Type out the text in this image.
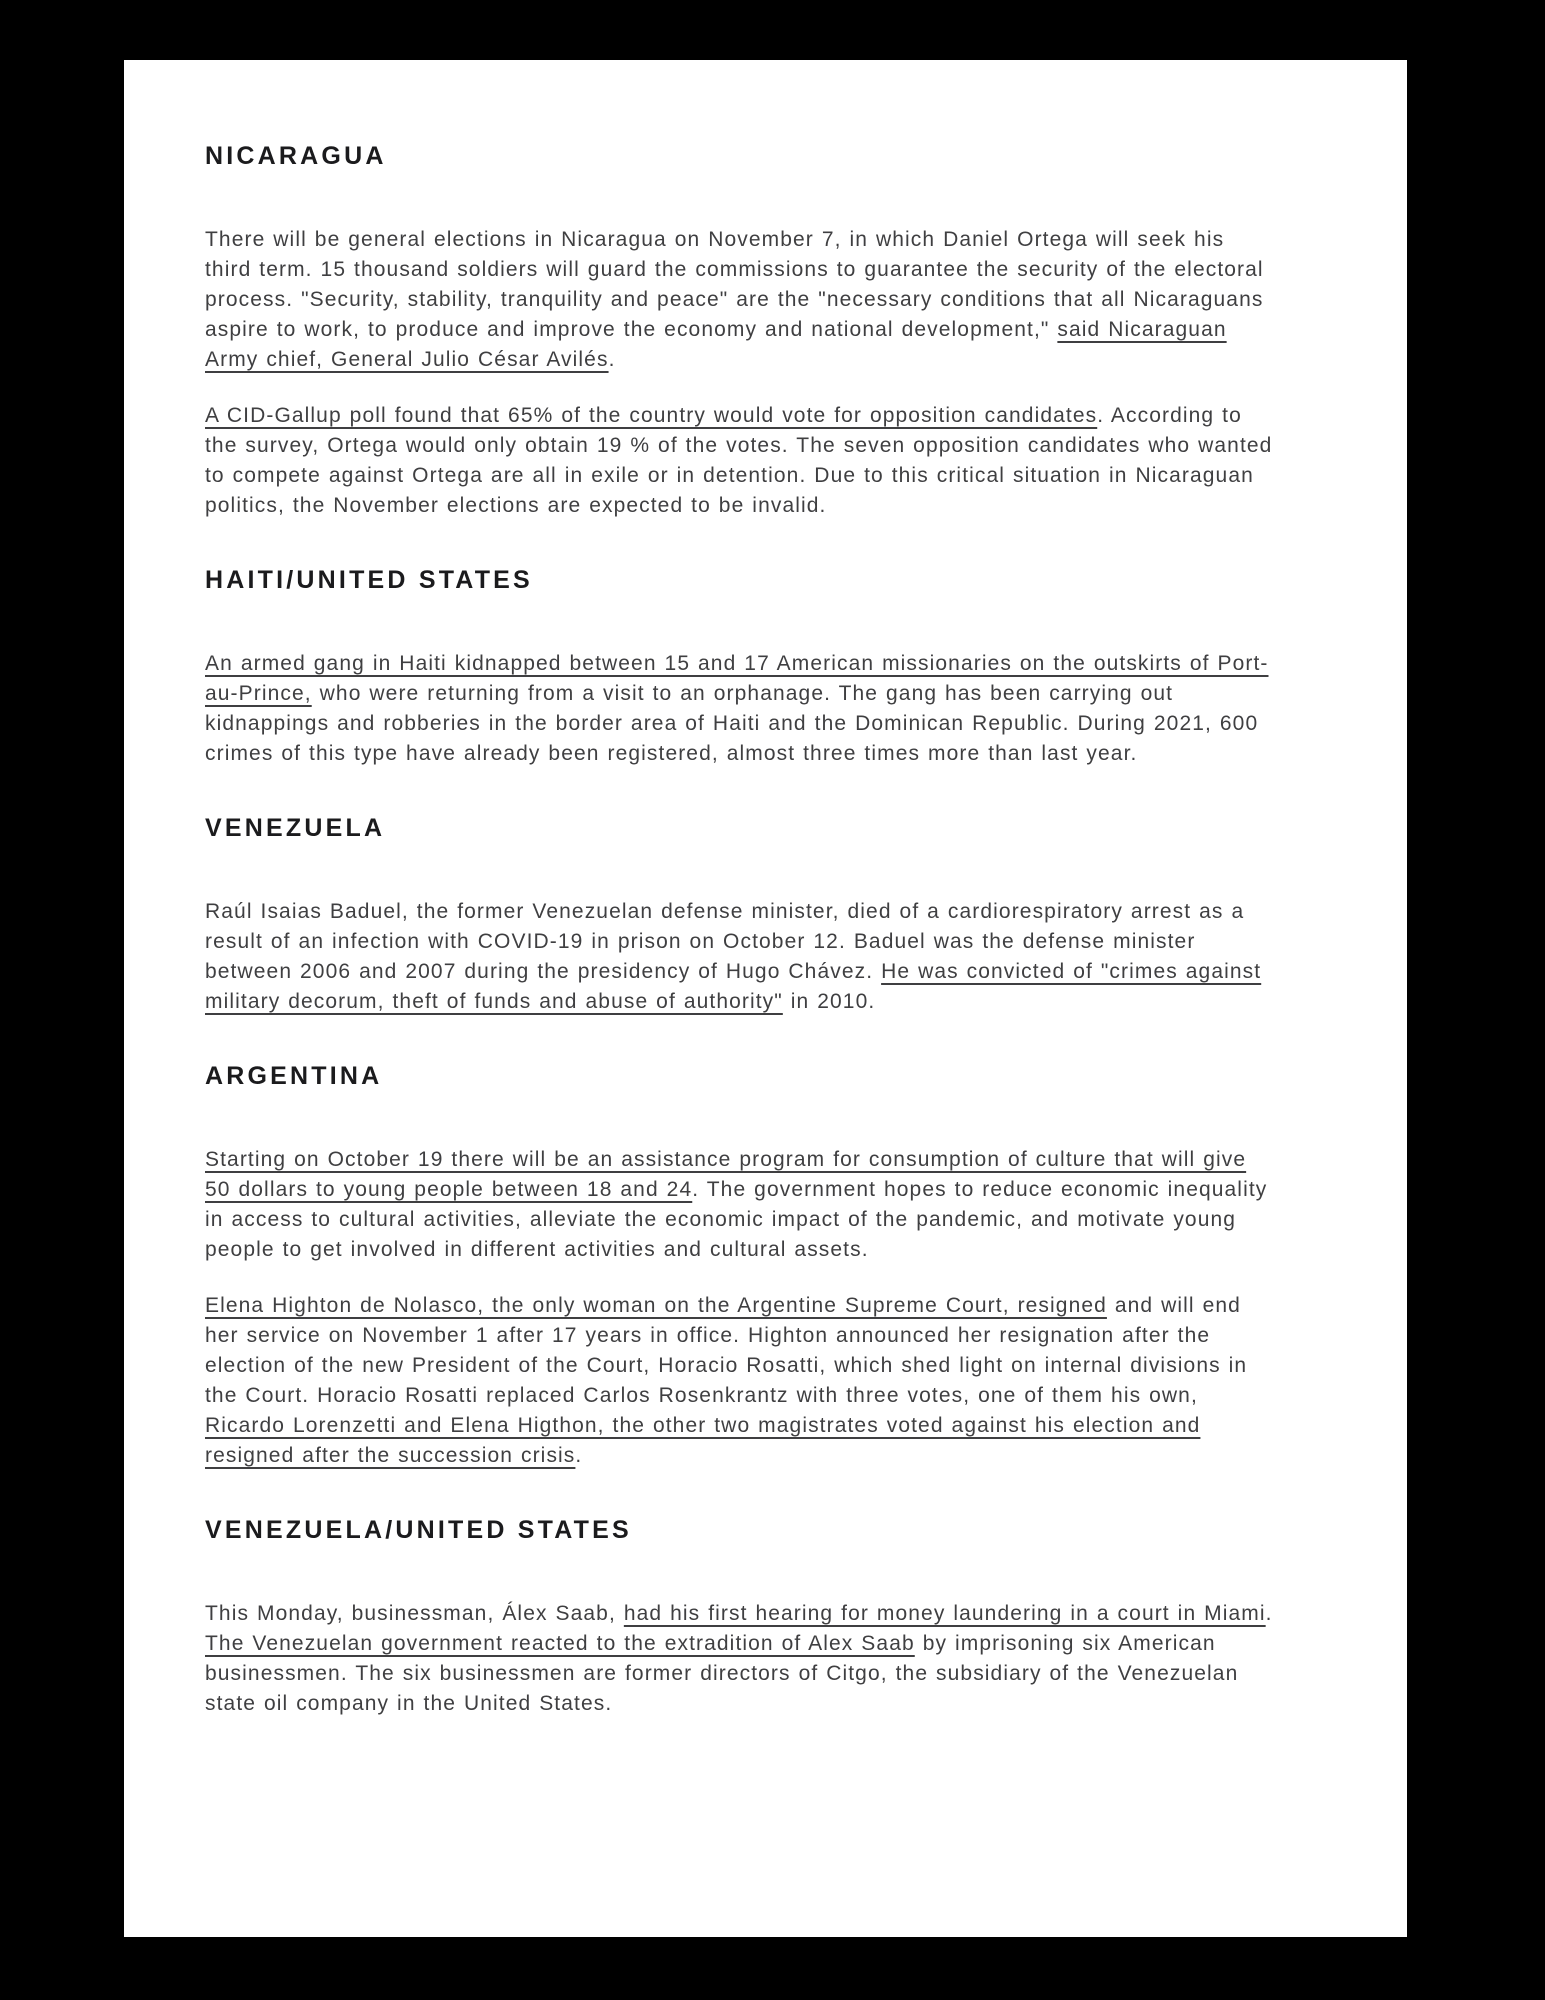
NICARAGUA

There will be general elections in Nicaragua on November 7, in which Daniel Ortega will seek his third term. 15 thousand soldiers will guard the commissions to guarantee the security of the electoral process. "Security, stability, tranquility and peace" are the "necessary conditions that all Nicaraguans aspire to work, to produce and improve the economy and national development," said Nicaraguan Army chief, General Julio César Avilés.

A CID-Gallup poll found that 65% of the country would vote for opposition candidates. According to the survey, Ortega would only obtain 19 % of the votes. The seven opposition candidates who wanted to compete against Ortega are all in exile or in detention. Due to this critical situation in Nicaraguan politics, the November elections are expected to be invalid.

HAITI/UNITED STATES

An armed gang in Haiti kidnapped between 15 and 17 American missionaries on the outskirts of Port-au-Prince, who were returning from a visit to an orphanage. The gang has been carrying out kidnappings and robberies in the border area of Haiti and the Dominican Republic. During 2021, 600 crimes of this type have already been registered, almost three times more than last year.

VENEZUELA

Raúl Isaias Baduel, the former Venezuelan defense minister, died of a cardiorespiratory arrest as a result of an infection with COVID-19 in prison on October 12. Baduel was the defense minister between 2006 and 2007 during the presidency of Hugo Chávez. He was convicted of "crimes against military decorum, theft of funds and abuse of authority" in 2010.

ARGENTINA

Starting on October 19 there will be an assistance program for consumption of culture that will give 50 dollars to young people between 18 and 24. The government hopes to reduce economic inequality in access to cultural activities, alleviate the economic impact of the pandemic, and motivate young people to get involved in different activities and cultural assets.

Elena Highton de Nolasco, the only woman on the Argentine Supreme Court, resigned and will end her service on November 1 after 17 years in office. Highton announced her resignation after the election of the new President of the Court, Horacio Rosatti, which shed light on internal divisions in the Court. Horacio Rosatti replaced Carlos Rosenkrantz with three votes, one of them his own, Ricardo Lorenzetti and Elena Higthon, the other two magistrates voted against his election and resigned after the succession crisis.

VENEZUELA/UNITED STATES

This Monday, businessman, Álex Saab, had his first hearing for money laundering in a court in Miami. The Venezuelan government reacted to the extradition of Alex Saab by imprisoning six American businessmen. The six businessmen are former directors of Citgo, the subsidiary of the Venezuelan state oil company in the United States.
